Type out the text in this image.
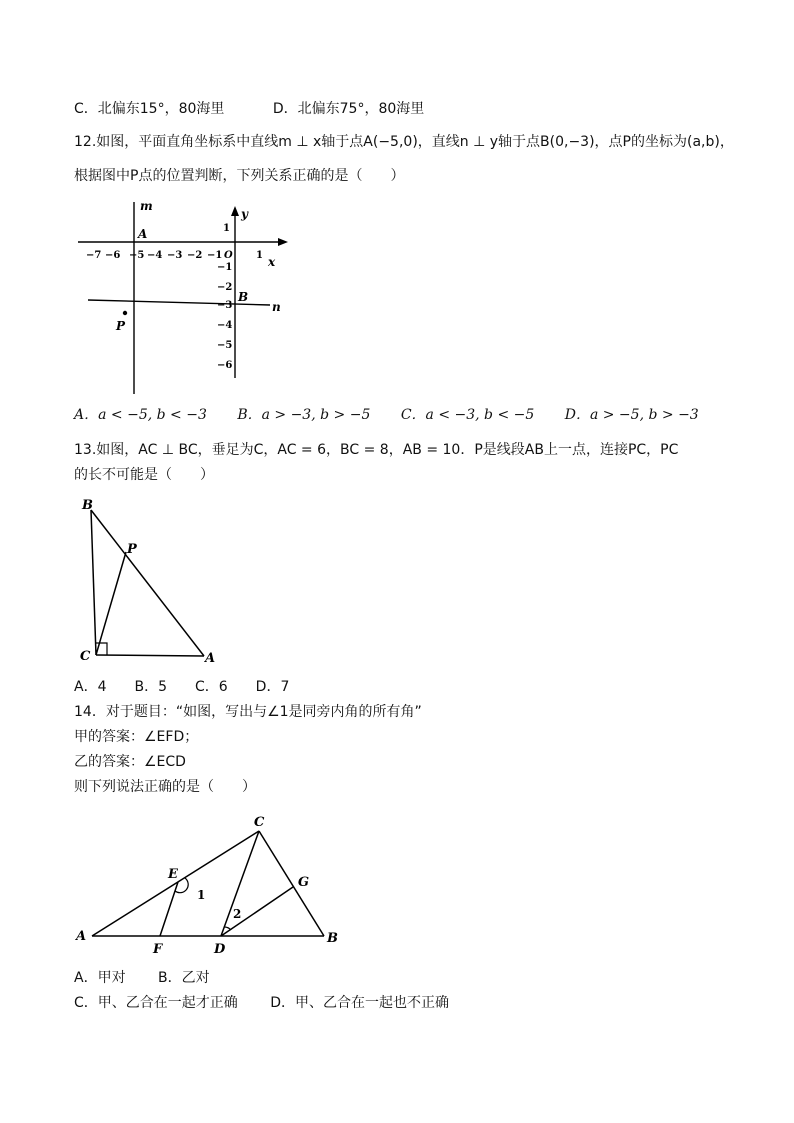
C．北偏东15°，80海里	D．北偏东75°，80海里
12.如图，平面直角坐标系中直线m ⊥ x轴于点A(−5,0)，直线n ⊥ y轴于点B(0,−3)，点P的坐标为(a,b)，
根据图中P点的位置判断，下列关系正确的是（　　）
−7 −6 −5 −4 −3 −2 −1 O 1
1
−1
−2
−3
−4
−5
−6
m
n
x
y
A
B
P
A．a < −5, b < −3 B．a > −3, b > −5 C．a < −3, b < −5 D．a > −5, b > −3
13.如图，AC ⊥ BC，垂足为C，AC = 6，BC = 8，AB = 10．P是线段AB上一点，连接PC，PC
的长不可能是（　　）
B
P
C	A
A．4　　B．5　　C．6　　D．7
14．对于题目：“如图，写出与∠1是同旁内角的所有角”
甲的答案：∠EFD；
乙的答案：∠ECD
则下列说法正确的是（　　）
A	B
C
D
E
F
G
1
2
A．甲对　　 B．乙对
C．甲、乙合在一起才正确　　 D．甲、乙合在一起也不正确
